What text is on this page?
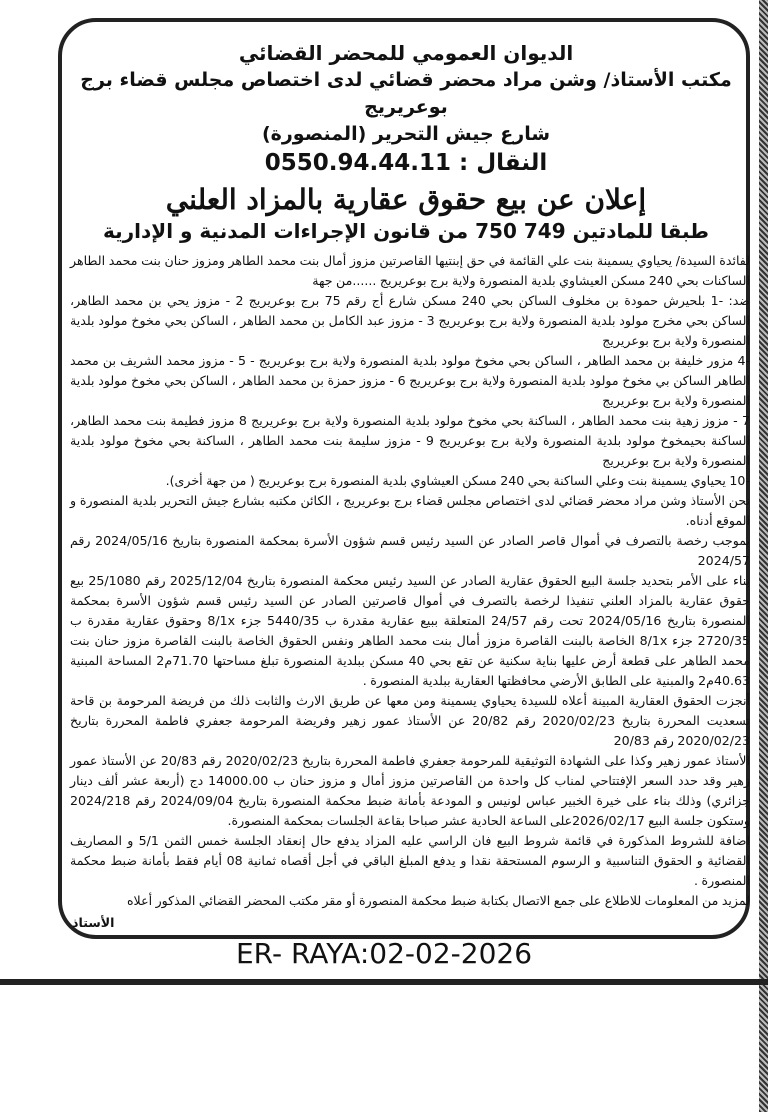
الديوان العمومي للمحضر القضائي
مكتب الأستاذ/ وشن مراد محضر قضائي لدى اختصاص مجلس قضاء برج بوعريريج
شارع جيش التحرير (المنصورة)
النقال : 0550.94.44.11
إعلان عن بيع حقوق عقارية بالمزاد العلني
طبقا للمادتين 749 750 من قانون الإجراءات المدنية و الإدارية

لفائدة السيدة/ يحياوي يسمينة بنت علي القائمة في حق إبنتيها القاصرتين مزوز أمال بنت محمد الطاهر ومزوز حنان بنت محمد الطاهر الساكنات بحي 240 مسكن العيشاوي بلدية المنصورة ولاية برج بوعريريج ......من جهة

ضد: -1 بلحيرش حمودة بن مخلوف الساكن بحي 240 مسكن شارع أج رقم 75 برج بوعريريج 2 - مزوز يحي بن محمد الطاهر، الساكن بحي مخرج مولود بلدية المنصورة ولاية برج بوعريريج 3 - مزوز عبد الكامل بن محمد الطاهر ، الساكن بحي مخوخ مولود بلدية المنصورة ولاية برج بوعريريج

-4 مزور خليفة بن محمد الطاهر ، الساكن بحي مخوخ مولود بلدية المنصورة ولاية برج بوعريريج - 5 - مزوز محمد الشريف بن محمد الطاهر الساكن بي مخوخ مولود بلدية المنصورة ولاية برج بوعريريج 6 - مزوز حمزة بن محمد الطاهر ، الساكن بحي مخوخ مولود بلدية المنصورة ولاية برج بوعريريج

7 - مزوز زهية بنت محمد الطاهر ، الساكنة بحي مخوخ مولود بلدية المنصورة ولاية برج بوعريريج 8 مزوز فطيمة بنت محمد الطاهر، الساكنة بحيمخوخ مولود بلدية المنصورة ولاية برج بوعريريج 9 - مزوز سليمة بنت محمد الطاهر ، الساكنة بحي مخوخ مولود بلدية المنصورة ولاية برج بوعريريج

-10 يحياوي يسمينة بنت وعلي الساكنة بحي 240 مسكن العيشاوي بلدية المنصورة برج بوعريريج ( من جهة أخرى).

نحن الأستاذ وشن مراد محضر قضائي لدى اختصاص مجلس قضاء برج بوعريريج ، الكائن مكتبه بشارع جيش التحرير بلدية المنصورة و الموقع أدناه.

بموجب رخصة بالتصرف في أموال قاصر الصادر عن السيد رئيس قسم شؤون الأسرة بمحكمة المنصورة بتاريخ 2024/05/16 رقم 2024/57

بناء على الأمر بتحديد جلسة البيع الحقوق عقارية الصادر عن السيد رئيس محكمة المنصورة بتاريخ 2025/12/04 رقم 25/1080 بيع حقوق عقارية بالمزاد العلني تنفيذا لرخصة بالتصرف في أموال قاصرتين الصادر عن السيد رئيس قسم شؤون الأسرة بمحكمة المنصورة بتاريخ 2024/05/16 تحت رقم 24/57 المتعلقة ببيع عقارية مقدرة ب 5440/35 جزء 8/1x وحقوق عقارية مقدرة ب 2720/35 جزء 8/1x الخاصة بالبنت القاصرة مزوز أمال بنت محمد الطاهر ونفس الحقوق الخاصة بالبنت القاصرة مزوز حنان بنت محمد الطاهر على قطعة أرض عليها بناية سكنية عن تقع بحي 40 مسكن ببلدية المنصورة تبلغ مساحتها 71.70م2 المساحة المبنية 40.63م2 والمبنية على الطابق الأرضي محافظتها العقارية ببلدية المنصورة .

أنجزت الحقوق العقارية المبينة أعلاه للسيدة يحياوي يسمينة ومن معها عن طريق الارث والثابت ذلك من فريضة المرحومة بن قاحة تسعديت المحررة بتاريخ 2020/02/23 رقم 20/82 عن الأستاذ عمور زهير وفريضة المرحومة جعفري فاطمة المحررة بتاريخ 2020/02/23 رقم 20/83

الأستاذ عمور زهير وكذا على الشهادة التوثيقية للمرحومة جعفري فاطمة المحررة بتاريخ 2020/02/23 رقم 20/83 عن الأستاذ عمور زهير وقد حدد السعر الإفتتاحي لمناب كل واحدة من القاصرتين مزوز أمال و مزوز حنان ب 14000.00 دج (أربعة عشر ألف دينار جزائري) وذلك بناء على خيرة الخبير عباس لونيس و المودعة بأمانة ضبط محكمة المنصورة بتاريخ 2024/09/04 رقم 2024/218 وستكون جلسة البيع 2026/02/17على الساعة الحادية عشر صباحا بقاعة الجلسات بمحكمة المنصورة.

اضافة للشروط المذكورة في قائمة شروط البيع فان الراسي عليه المزاد يدفع حال إنعقاد الجلسة خمس الثمن 5/1 و المصاريف القضائية و الحقوق التناسبية و الرسوم المستحقة نقدا و يدفع المبلغ الباقي في أجل أقصاه ثمانية 08 أيام فقط بأمانة ضبط محكمة المنصورة .

لمزيد من المعلومات للاطلاع على جمع الاتصال بكتابة ضبط محكمة المنصورة أو مقر مكتب المحضر القضائي المذكور أعلاه

الأستاذ
ER- RAYA:02-02-2026
